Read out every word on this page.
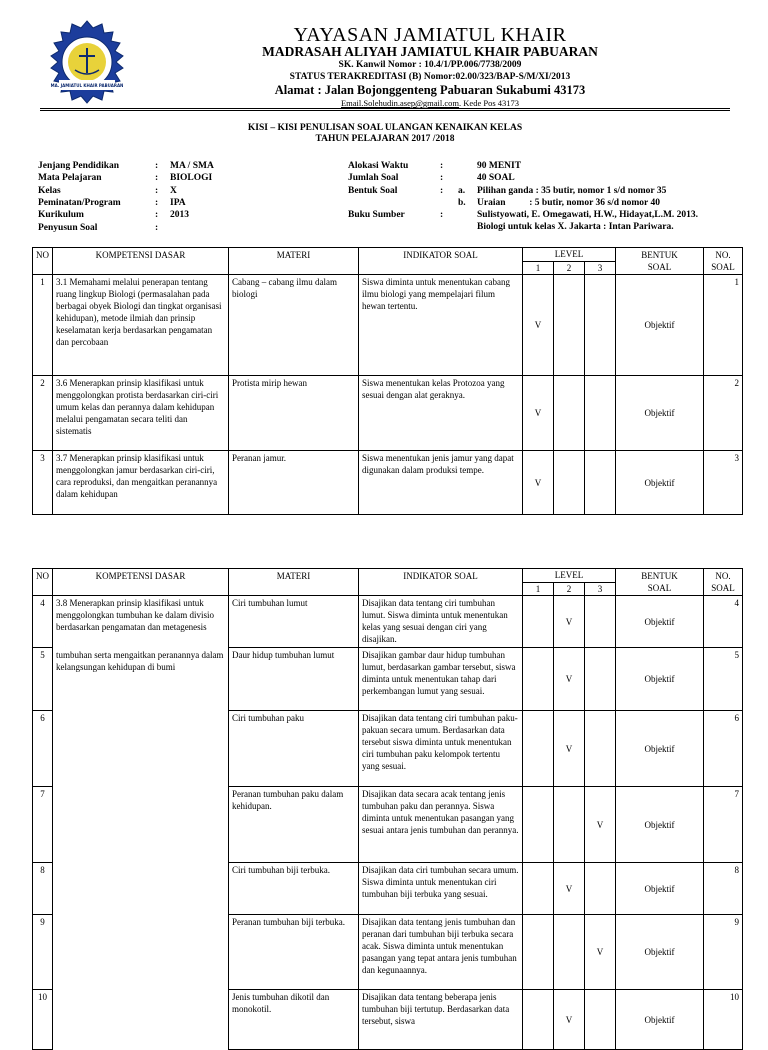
MA. JAMIATUL KHAIR PABUARAN
YAYASAN JAMIATUL KHAIR
MADRASAH ALIYAH JAMIATUL KHAIR PABUARAN
SK. Kanwil Nomor : 10.4/1/PP.006/7738/2009
STATUS TERAKREDITASI (B) Nomor:02.00/323/BAP-S/M/XI/2013
Alamat : Jalan Bojonggenteng Pabuaran Sukabumi 43173
Email.Solehudin.asep@gmail.com. Kede Pos 43173
KISI – KISI PENULISAN SOAL ULANGAN KENAIKAN KELAS
TAHUN PELAJARAN 2017 /2018
Jenjang Pendidikan	: MA / SMA
Mata Pelajaran	: BIOLOGI
Kelas	: X
Peminatan/Program	: IPA
Kurikulum	: 2013
Penyusun Soal	:
Alokasi Waktu	:	90 MENIT
Jumlah Soal	:	40 SOAL
Bentuk Soal	: a. Pilihan ganda : 35 butir, nomor 1 s/d nomor 35
b. Uraian          : 5 butir, nomor 36 s/d nomor 40
Buku Sumber	:	Sulistyowati, E. Omegawati, H.W., Hidayat,L.M. 2013.
Biologi untuk kelas X. Jakarta : Intan Pariwara.
NO	KOMPETENSI DASAR	MATERI	INDIKATOR SOAL	LEVEL			BENTUK
SOAL	NO.
SOAL
				1	2	3		
1	3.1 Memahami melalui penerapan tentang ruang lingkup Biologi (permasalahan pada berbagai obyek Biologi dan tingkat organisasi kehidupan), metode ilmiah dan prinsip keselamatan kerja berdasarkan pengamatan dan percobaan	Cabang – cabang ilmu dalam biologi	Siswa diminta untuk menentukan cabang ilmu biologi yang mempelajari filum hewan tertentu.	V			Objektif	1
2	3.6 Menerapkan prinsip klasifikasi untuk menggolongkan protista berdasarkan ciri-ciri umum kelas dan perannya dalam kehidupan melalui pengamatan secara teliti dan sistematis	Protista mirip hewan	Siswa menentukan kelas Protozoa yang sesuai dengan alat geraknya.	V			Objektif	2
3	3.7 Menerapkan prinsip klasifikasi untuk menggolongkan jamur berdasarkan ciri-ciri, cara reproduksi, dan mengaitkan peranannya dalam kehidupan	Peranan jamur.	Siswa menentukan jenis jamur yang dapat digunakan dalam produksi tempe.	V			Objektif	3
NO	KOMPETENSI DASAR	MATERI	INDIKATOR SOAL	LEVEL			BENTUK
SOAL	NO.
SOAL
				1	2	3		
4	3.8 Menerapkan prinsip klasifikasi untuk menggolongkan tumbuhan ke dalam divisio berdasarkan pengamatan dan metagenesis	Ciri tumbuhan lumut	Disajikan data tentang ciri tumbuhan lumut. Siswa diminta untuk menentukan kelas yang sesuai dengan ciri yang disajikan.		V		Objektif	4
5	tumbuhan serta mengaitkan peranannya dalam kelangsungan kehidupan di bumi	Daur hidup tumbuhan lumut	Disajikan gambar daur hidup tumbuhan lumut, berdasarkan gambar tersebut, siswa diminta untuk menentukan tahap dari perkembangan lumut yang sesuai.		V		Objektif	5
6		Ciri tumbuhan paku	Disajikan data tentang ciri tumbuhan paku-pakuan secara umum. Berdasarkan data tersebut siswa diminta untuk menentukan ciri tumbuhan paku kelompok tertentu yang sesuai.		V		Objektif	6
7		Peranan tumbuhan paku dalam kehidupan.	Disajikan data secara acak tentang jenis tumbuhan paku dan perannya. Siswa diminta untuk menentukan pasangan yang sesuai antara jenis tumbuhan dan perannya.			V	Objektif	7
8		Ciri tumbuhan biji terbuka.	Disajikan data ciri tumbuhan secara umum. Siswa diminta untuk menentukan ciri tumbuhan biji terbuka yang sesuai.		V		Objektif	8
9		Peranan tumbuhan biji terbuka.	Disajikan data tentang jenis tumbuhan dan peranan dari tumbuhan biji terbuka secara acak. Siswa diminta untuk menentukan pasangan yang tepat antara jenis tumbuhan dan kegunaannya.			V	Objektif	9
10		Jenis tumbuhan dikotil dan monokotil.	Disajikan data tentang beberapa jenis tumbuhan biji tertutup. Berdasarkan data tersebut, siswa		V		Objektif	10
